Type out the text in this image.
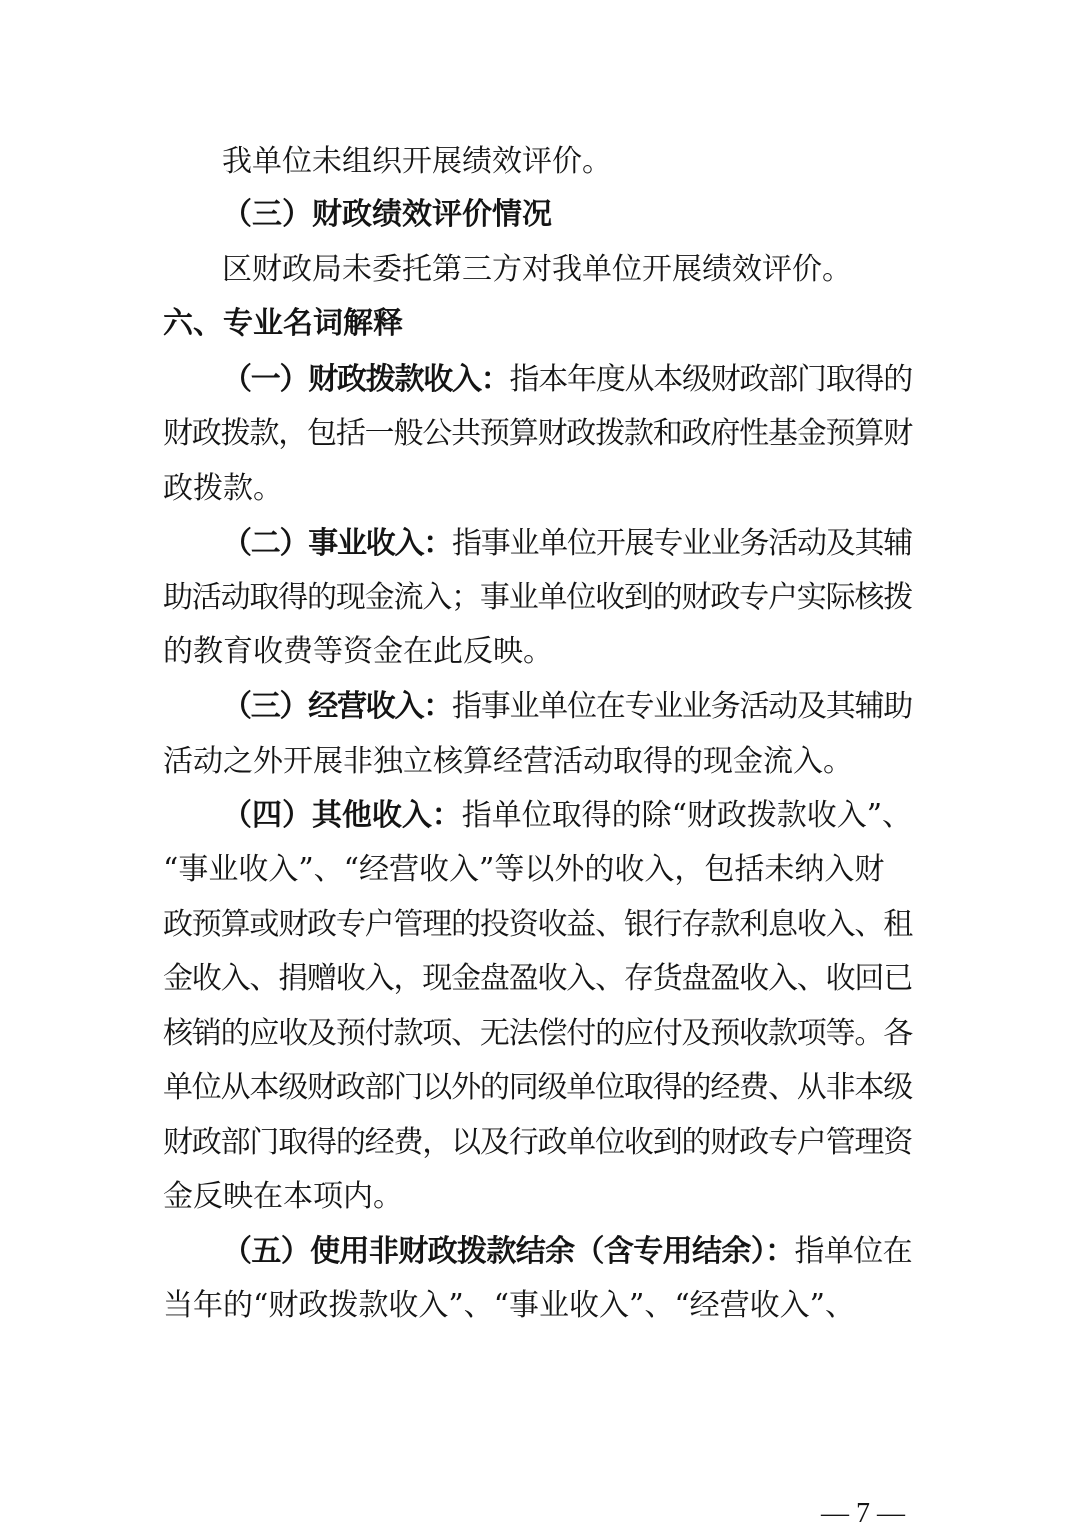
我单位未组织开展绩效评价。
（三）财政绩效评价情况
区财政局未委托第三方对我单位开展绩效评价。
六、专业名词解释
（一）财政拨款收入：指本年度从本级财政部门取得的
财政拨款，包括一般公共预算财政拨款和政府性基金预算财
政拨款。
（二）事业收入：指事业单位开展专业业务活动及其辅
助活动取得的现金流入；事业单位收到的财政专户实际核拨
的教育收费等资金在此反映。
（三）经营收入：指事业单位在专业业务活动及其辅助
活动之外开展非独立核算经营活动取得的现金流入。
（四）其他收入：指单位取得的除“财政拨款收入”、
“事业收入”、“经营收入”等以外的收入，包括未纳入财
政预算或财政专户管理的投资收益、银行存款利息收入、租
金收入、捐赠收入，现金盘盈收入、存货盘盈收入、收回已
核销的应收及预付款项、无法偿付的应付及预收款项等。各
单位从本级财政部门以外的同级单位取得的经费、从非本级
财政部门取得的经费，以及行政单位收到的财政专户管理资
金反映在本项内。
（五）使用非财政拨款结余（含专用结余）：指单位在
当年的“财政拨款收入”、“事业收入”、“经营收入”、
— 7 —
